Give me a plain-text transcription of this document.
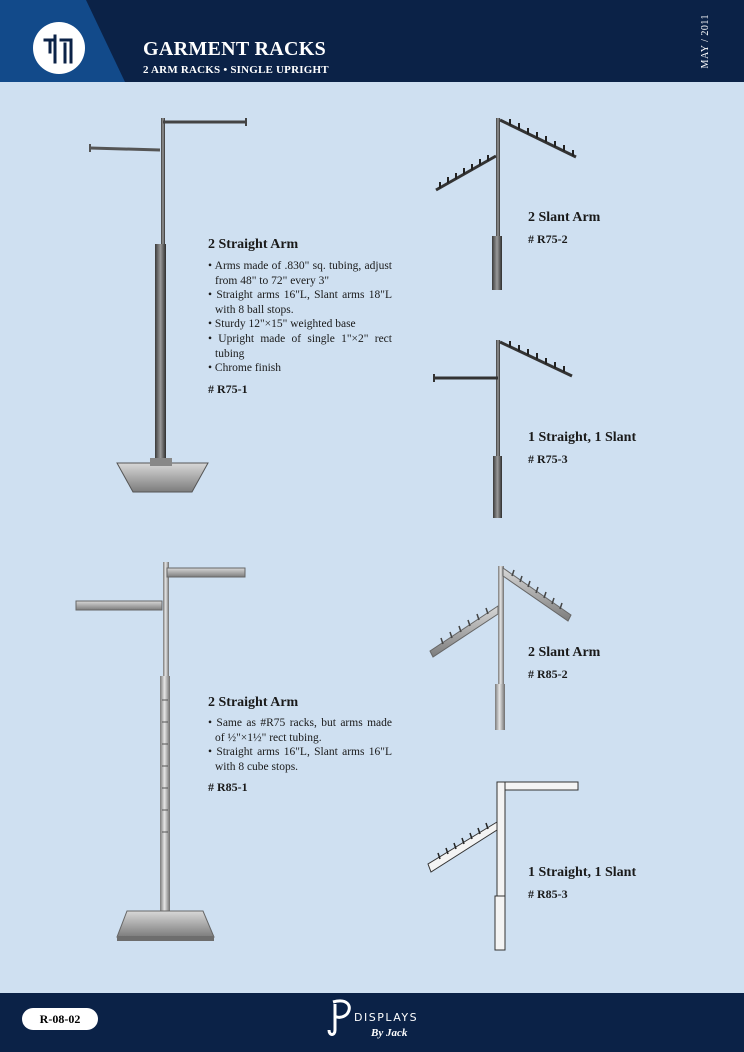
GARMENT RACKS
2 ARM RACKS • SINGLE UPRIGHT
MAY / 2011
2 Straight Arm
• Arms made of .830" sq. tubing, adjust from 48" to 72" every 3"
• Straight arms 16"L, Slant arms 18"L with 8 ball stops.
• Sturdy 12"×15" weighted base
• Upright made of single 1"×2" rect tubing
• Chrome finish
# R75-1
2 Slant Arm
# R75-2
1 Straight, 1 Slant
# R75-3
2 Straight Arm
• Same as #R75 racks, but arms made of ½"×1½" rect tubing.
• Straight arms 16"L, Slant arms 16"L with 8 cube stops.
# R85-1
2 Slant Arm
# R85-2
1 Straight, 1 Slant
# R85-3
R-08-02	DISPLAYS
By Jack
